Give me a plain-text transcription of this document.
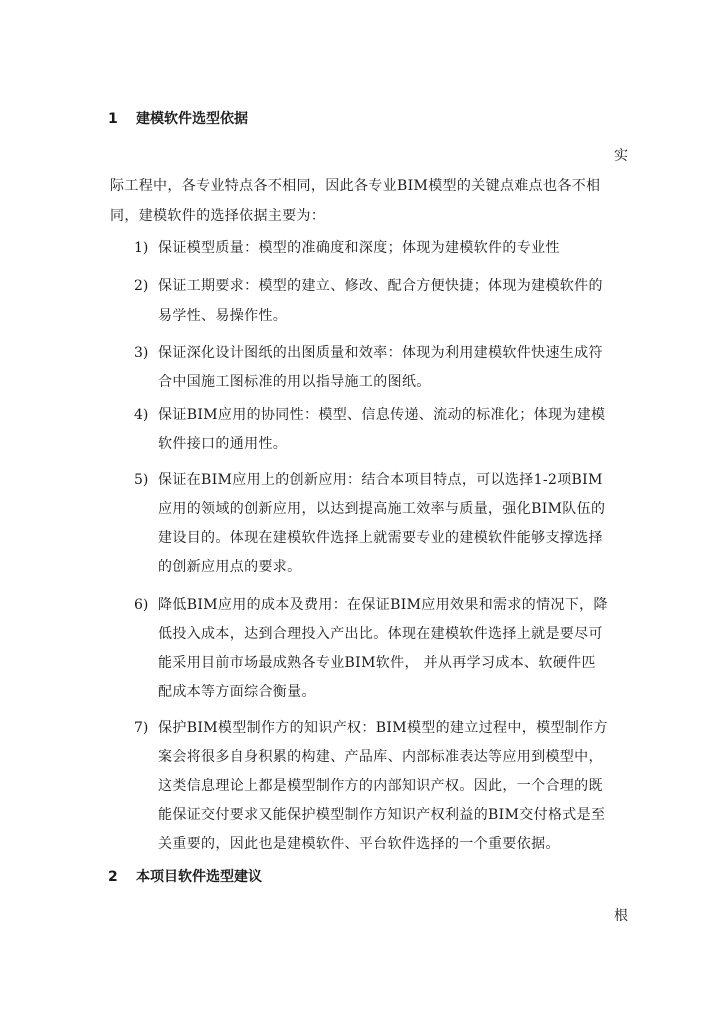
1 建模软件选型依据
实
际工程中，各专业特点各不相同，因此各专业BIM模型的关键点难点也各不相
同，建模软件的选择依据主要为：
1) 保证模型质量：模型的准确度和深度；体现为建模软件的专业性
2) 保证工期要求：模型的建立、修改、配合方便快捷；体现为建模软件的
易学性、易操作性。
3) 保证深化设计图纸的出图质量和效率：体现为利用建模软件快速生成符
合中国施工图标准的用以指导施工的图纸。
4) 保证BIM应用的协同性：模型、信息传递、流动的标准化；体现为建模
软件接口的通用性。
5) 保证在BIM应用上的创新应用：结合本项目特点，可以选择1-2项BIM
应用的领域的创新应用，以达到提高施工效率与质量，强化BIM队伍的
建设目的。体现在建模软件选择上就需要专业的建模软件能够支撑选择
的创新应用点的要求。
6) 降低BIM应用的成本及费用：在保证BIM应用效果和需求的情况下，降
低投入成本，达到合理投入产出比。体现在建模软件选择上就是要尽可
能采用目前市场最成熟各专业BIM软件， 并从再学习成本、软硬件匹
配成本等方面综合衡量。
7) 保护BIM模型制作方的知识产权：BIM模型的建立过程中，模型制作方
案会将很多自身积累的构建、产品库、内部标准表达等应用到模型中，
这类信息理论上都是模型制作方的内部知识产权。因此，一个合理的既
能保证交付要求又能保护模型制作方知识产权利益的BIM交付格式是至
关重要的，因此也是建模软件、平台软件选择的一个重要依据。
2 本项目软件选型建议
根
